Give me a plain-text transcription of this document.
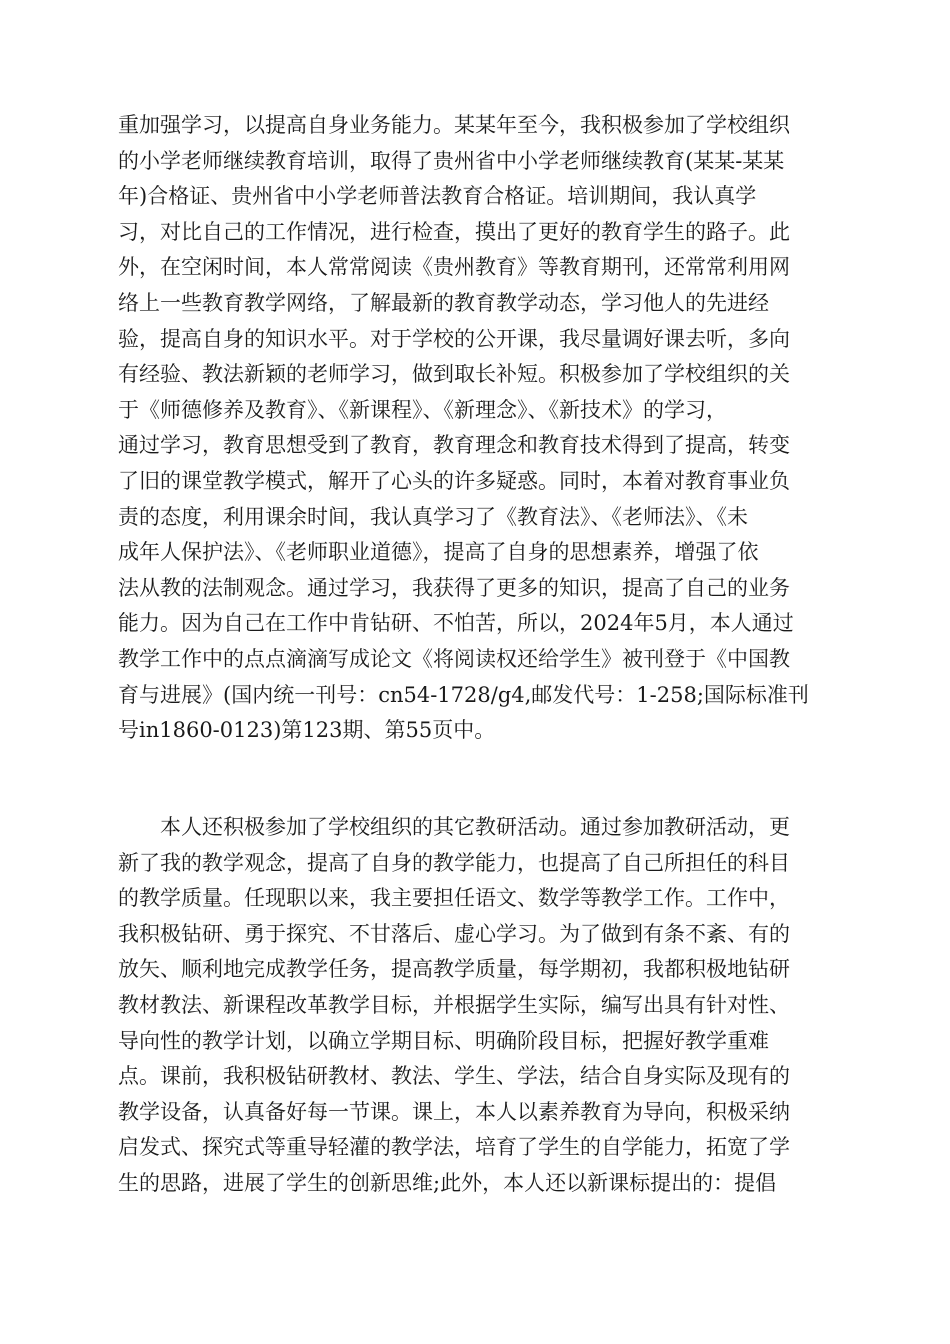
重加强学习，以提高自身业务能力。某某年至今，我积极参加了学校组织
的小学老师继续教育培训，取得了贵州省中小学老师继续教育(某某-某某
年)合格证、贵州省中小学老师普法教育合格证。培训期间，我认真学
习，对比自己的工作情况，进行检查，摸出了更好的教育学生的路子。此
外，在空闲时间，本人常常阅读《贵州教育》等教育期刊，还常常利用网
络上一些教育教学网络，了解最新的教育教学动态，学习他人的先进经
验，提高自身的知识水平。对于学校的公开课，我尽量调好课去听，多向
有经验、教法新颖的老师学习，做到取长补短。积极参加了学校组织的关
于《师德修养及教育》、《新课程》、《新理念》、《新技术》的学习，
通过学习，教育思想受到了教育，教育理念和教育技术得到了提高，转变
了旧的课堂教学模式，解开了心头的许多疑惑。同时，本着对教育事业负
责的态度，利用课余时间，我认真学习了《教育法》、《老师法》、《未
成年人保护法》、《老师职业道德》，提高了自身的思想素养，增强了依
法从教的法制观念。通过学习，我获得了更多的知识，提高了自己的业务
能力。因为自己在工作中肯钻研、不怕苦，所以，2024年5月，本人通过
教学工作中的点点滴滴写成论文《将阅读权还给学生》被刊登于《中国教
育与进展》(国内统一刊号：cn54-1728/g4,邮发代号：1-258;国际标准刊
号in1860-0123)第123期、第55页中。
　　本人还积极参加了学校组织的其它教研活动。通过参加教研活动，更
新了我的教学观念，提高了自身的教学能力，也提高了自己所担任的科目
的教学质量。任现职以来，我主要担任语文、数学等教学工作。工作中，
我积极钻研、勇于探究、不甘落后、虚心学习。为了做到有条不紊、有的
放矢、顺利地完成教学任务，提高教学质量，每学期初，我都积极地钻研
教材教法、新课程改革教学目标，并根据学生实际，编写出具有针对性、
导向性的教学计划，以确立学期目标、明确阶段目标，把握好教学重难
点。课前，我积极钻研教材、教法、学生、学法，结合自身实际及现有的
教学设备，认真备好每一节课。课上，本人以素养教育为导向，积极采纳
启发式、探究式等重导轻灌的教学法，培育了学生的自学能力，拓宽了学
生的思路，进展了学生的创新思维;此外，本人还以新课标提出的：提倡
